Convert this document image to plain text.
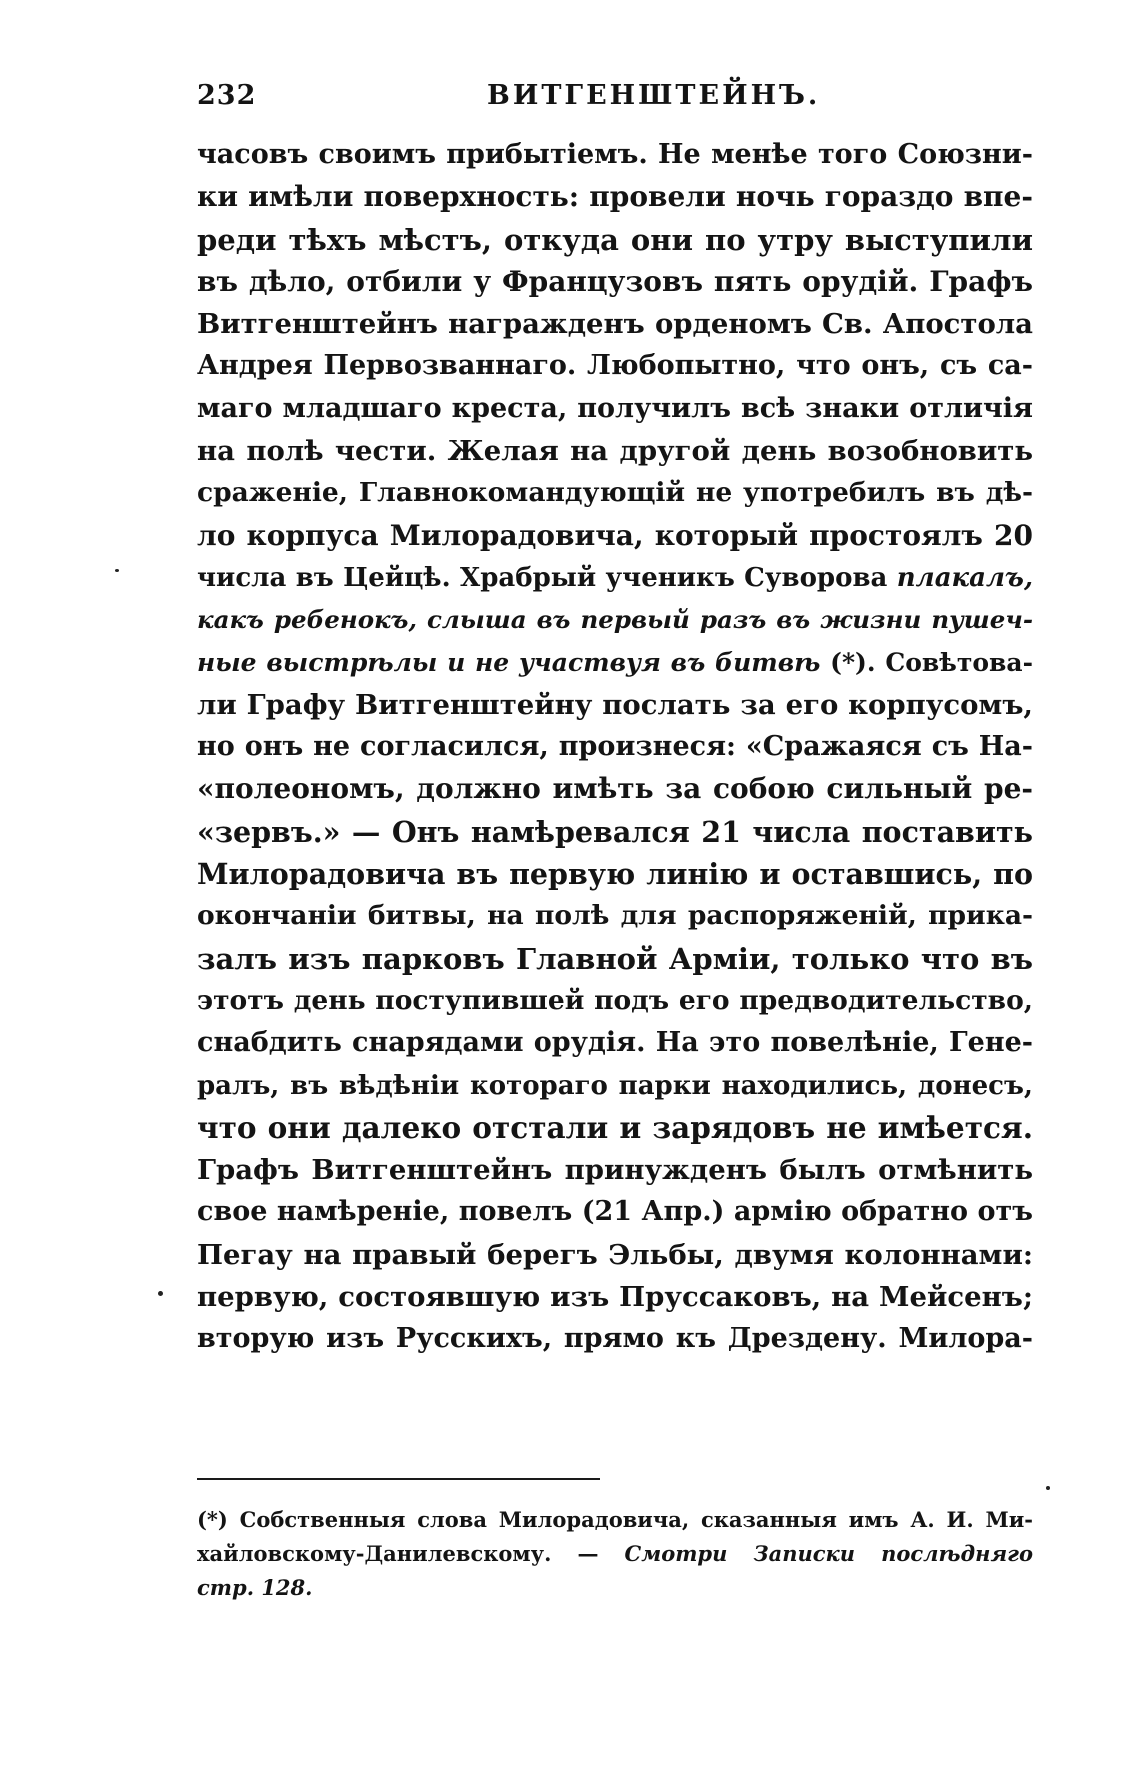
232	ВИТГЕНШТЕЙНЪ.
часовъ своимъ прибытіемъ. Не менѣе того Союзни-
ки имѣли поверхность: провели ночь гораздо впе-
реди тѣхъ мѣстъ, откуда они по утру выступили
въ дѣло, отбили у Французовъ пять орудій. Графъ
Витгенштейнъ награжденъ орденомъ Св. Апостола
Андрея Первозваннаго. Любопытно, что онъ, съ са-
маго младшаго креста, получилъ всѣ знаки отличія
на полѣ чести. Желая на другой день возобновить
сраженіе, Главнокомандующій не употребилъ въ дѣ-
ло корпуса Милорадовича, который простоялъ 20
числа въ Цейцѣ. Храбрый ученикъ Суворова плакалъ,
какъ ребенокъ, слыша въ первый разъ въ жизни пушеч-
ные выстрѣлы и не участвуя въ битвѣ (*). Совѣтова-
ли Графу Витгенштейну послать за его корпусомъ,
но онъ не согласился, произнеся: «Сражаяся съ На-
«полеономъ, должно имѣть за собою сильный ре-
«зервъ.» — Онъ намѣревался 21 числа поставить
Милорадовича въ первую линію и оставшись, по
окончаніи битвы, на полѣ для распоряженій, прика-
залъ изъ парковъ Главной Арміи, только что въ
этотъ день поступившей подъ его предводительство,
снабдить снарядами орудія. На это повелѣніе, Гене-
ралъ, въ вѣдѣніи котораго парки находились, донесъ,
что они далеко отстали и зарядовъ не имѣется.
Графъ Витгенштейнъ принужденъ былъ отмѣнить
свое намѣреніе, повелъ (21 Апр.) армію обратно отъ
Пегау на правый берегъ Эльбы, двумя колоннами:
первую, состоявшую изъ Пруссаковъ, на Мейсенъ;
вторую изъ Русскихъ, прямо къ Дрездену. Милора-
(*) Собственныя слова Милорадовича, сказанныя имъ А. И. Ми-
хайловскому-Данилевскому. — Смотри Записки послѣдняго
стр. 128.
